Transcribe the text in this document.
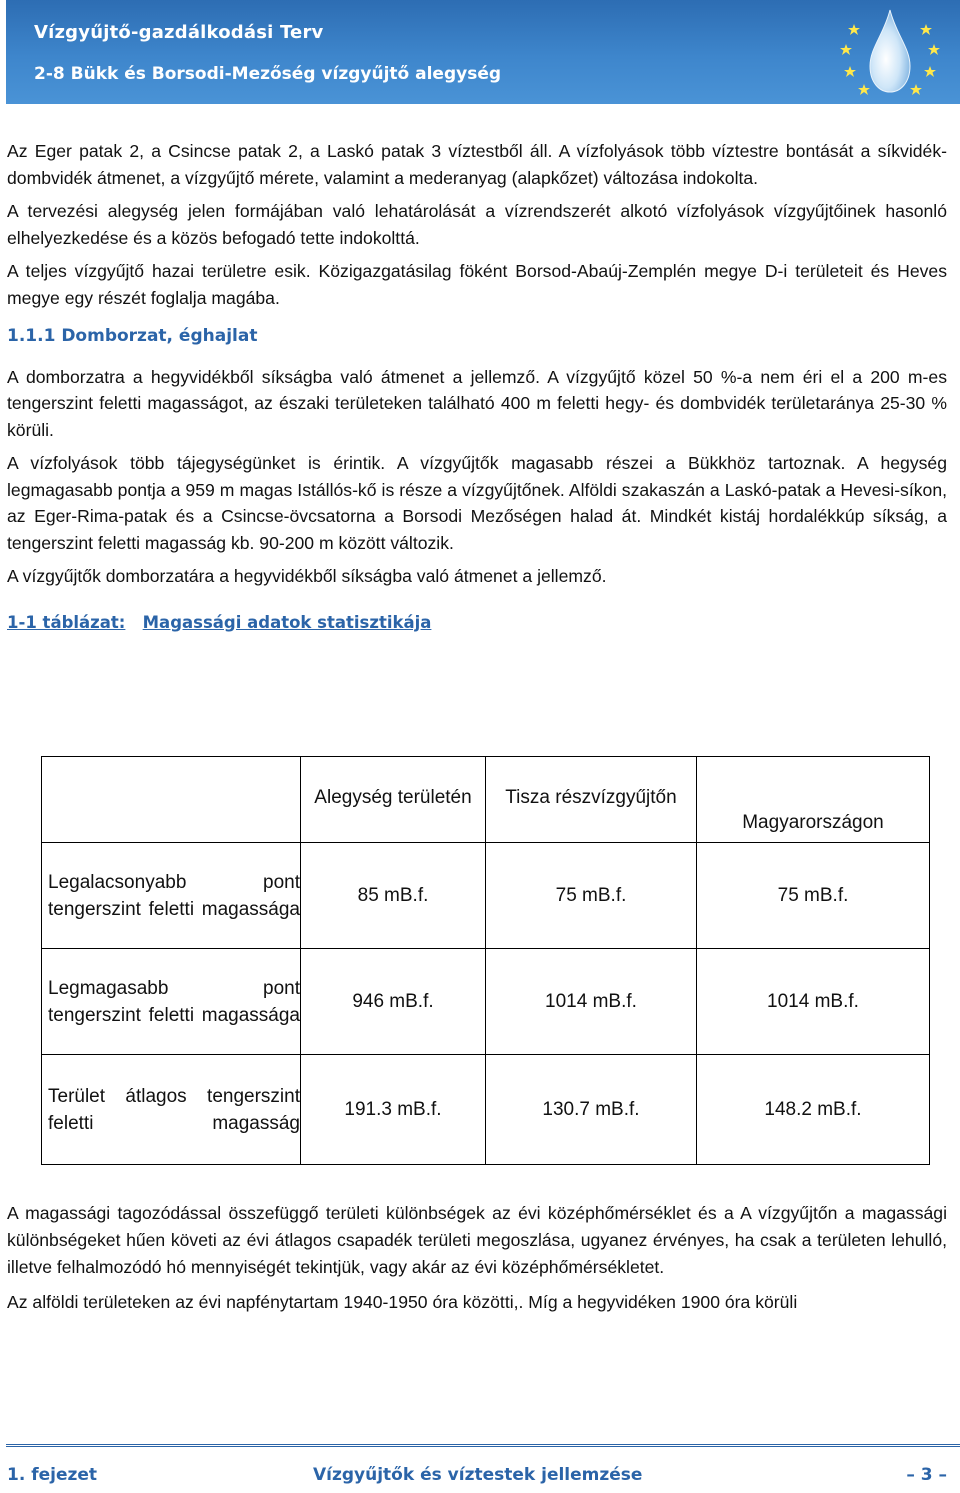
Vízgyűjtő-gazdálkodási Terv
2-8 Bükk és Borsodi-Mezőség vízgyűjtő alegység

Az Eger patak 2, a Csincse patak 2, a Laskó patak 3 víztestből áll. A vízfolyások több víztestre bontását a síkvidék-dombvidék átmenet, a vízgyűjtő mérete, valamint a mederanyag (alapkőzet) változása indokolta.

A tervezési alegység jelen formájában való lehatárolását a vízrendszerét alkotó vízfolyások vízgyűjtőinek hasonló elhelyezkedése és a közös befogadó tette indokolttá.

A teljes vízgyűjtő hazai területre esik. Közigazgatásilag föként Borsod-Abaúj-Zemplén megye D-i területeit és Heves megye egy részét foglalja magába.

1.1.1 Domborzat, éghajlat

A domborzatra a hegyvidékből síkságba való átmenet a jellemző. A vízgyűjtő közel 50 %-a nem éri el a 200 m-es tengerszint feletti magasságot, az északi területeken található 400 m feletti hegy- és dombvidék területaránya 25-30 % körüli.

A vízfolyások több tájegységünket is érintik. A vízgyűjtők magasabb részei a Bükkhöz tartoznak. A hegység legmagasabb pontja a 959 m magas Istállós-kő is része a vízgyűjtőnek. Alföldi szakaszán a Laskó-patak a Hevesi-síkon, az Eger-Rima-patak és a Csincse-övcsatorna a Borsodi Mezőségen halad át. Mindkét kistáj hordalékkúp síkság, a tengerszint feletti magasság kb. 90-200 m között változik.

A vízgyűjtők domborzatára a hegyvidékből síkságba való átmenet a jellemző.

1-1 táblázat: Magassági adatok statisztikája
	Alegység területén	Tisza részvízgyűjtőn	Magyarországon
Legalacsonyabb pont tengerszint feletti magassága	85 mB.f.	75 mB.f.	75 mB.f.
Legmagasabb pont tengerszint feletti magassága	946 mB.f.	1014 mB.f.	1014 mB.f.
Terület átlagos tengerszint feletti magasság	191.3 mB.f.	130.7 mB.f.	148.2 mB.f.

A magassági tagozódással összefüggő területi különbségek az évi középhőmérséklet és a A vízgyűjtőn a magassági különbségeket hűen követi az évi átlagos csapadék területi megoszlása, ugyanez érvényes, ha csak a területen lehulló, illetve felhalmozódó hó mennyiségét tekintjük, vagy akár az évi középhőmérsékletet.

Az alföldi területeken az évi napfénytartam 1940-1950 óra közötti,. Míg a hegyvidéken 1900 óra körüli

1. fejezet	Vízgyűjtők és víztestek jellemzése	– 3 –
